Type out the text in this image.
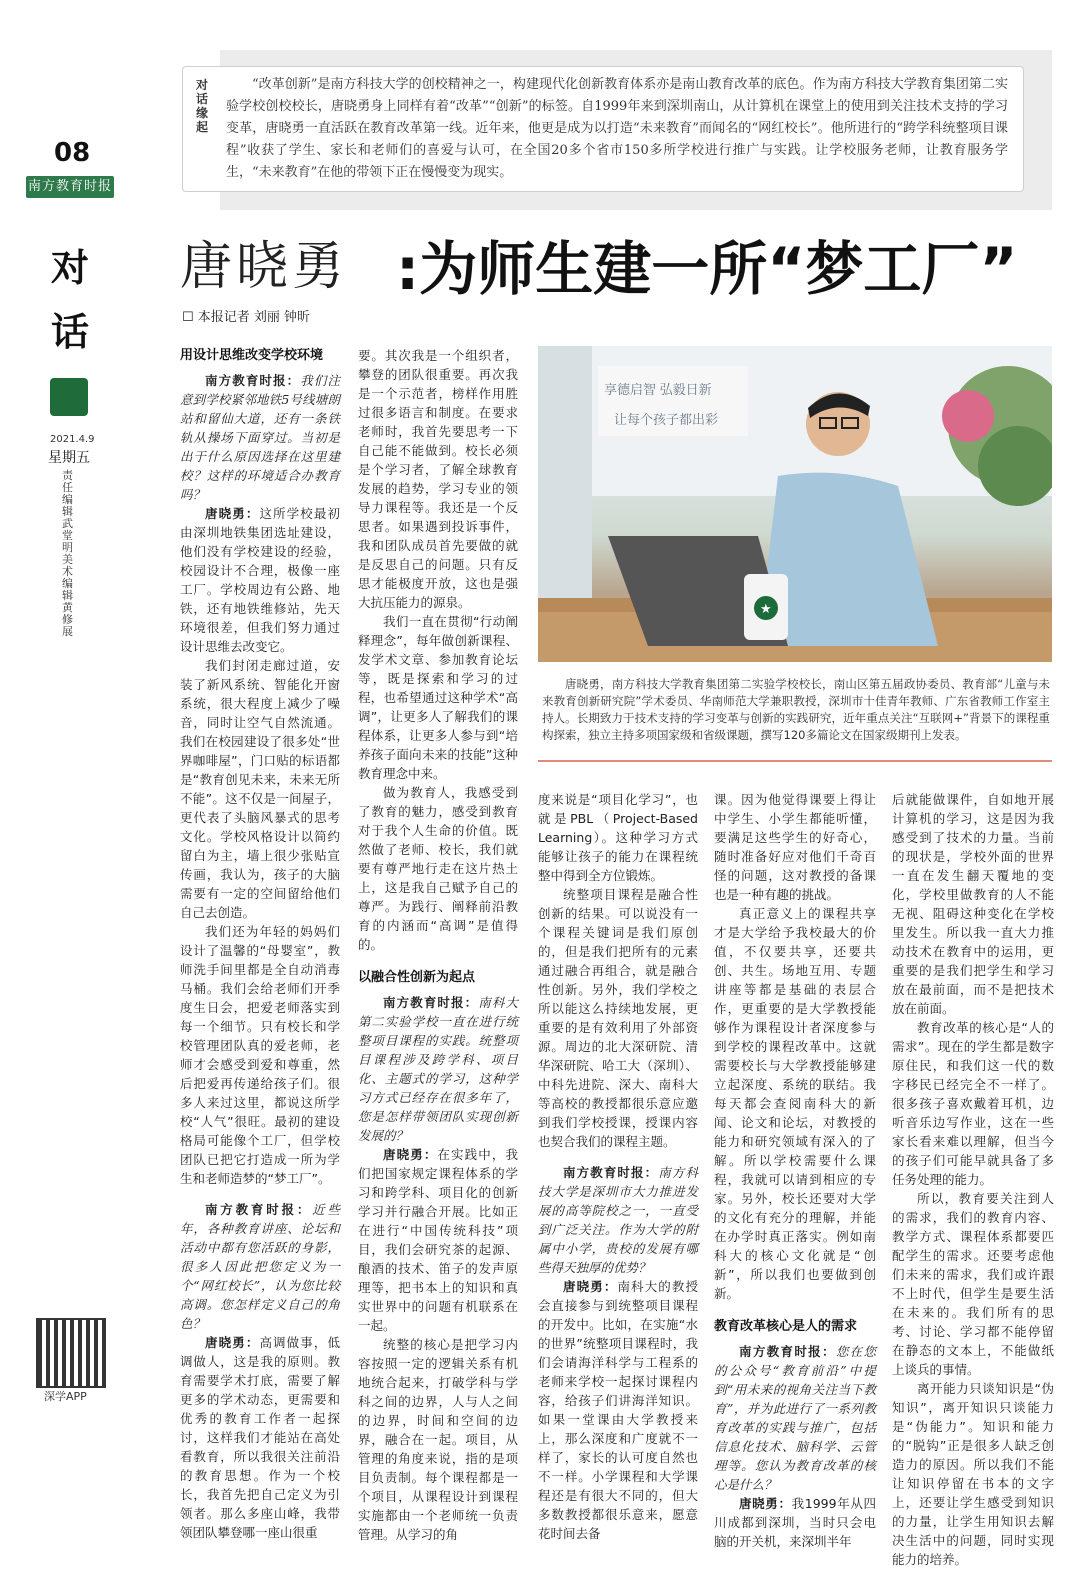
08
南方教育时报
对话
2021.4.9
星期五
责任编辑 武堂明 美术编辑 黄修展
深学APP
对话缘起
“改革创新”是南方科技大学的创校精神之一，构建现代化创新教育体系亦是南山教育改革的底色。作为南方科技大学教育集团第二实验学校创校校长，唐晓勇身上同样有着“改革”“创新”的标签。自1999年来到深圳南山，从计算机在课堂上的使用到关注技术支持的学习变革，唐晓勇一直活跃在教育改革第一线。近年来，他更是成为以打造“未来教育”而闻名的“网红校长”。他所进行的“跨学科统整项目课程”收获了学生、家长和老师们的喜爱与认可，在全国20多个省市150多所学校进行推广与实践。让学校服务老师，让教育服务学生，“未来教育”在他的带领下正在慢慢变为现实。
唐晓勇 :为师生建一所“梦工厂”
☐ 本报记者 刘丽 钟昕
用设计思维改变学校环境

南方教育时报：我们注意到学校紧邻地铁5号线塘朗站和留仙大道，还有一条铁轨从操场下面穿过。当初是出于什么原因选择在这里建校？这样的环境适合办教育吗？

唐晓勇：这所学校最初由深圳地铁集团选址建设，他们没有学校建设的经验，校园设计不合理，极像一座工厂。学校周边有公路、地铁，还有地铁维修站，先天环境很差，但我们努力通过设计思维去改变它。

我们封闭走廊过道，安装了新风系统、智能化开窗系统，很大程度上减少了噪音，同时让空气自然流通。我们在校园建设了很多处“世界咖啡屋”，门口贴的标语都是“教育创见未来，未来无所不能”。这不仅是一间屋子，更代表了头脑风暴式的思考文化。学校风格设计以简约留白为主，墙上很少张贴宣传画，我认为，孩子的大脑需要有一定的空间留给他们自己去创造。

我们还为年轻的妈妈们设计了温馨的“母婴室”，教师洗手间里都是全自动消毒马桶。我们会给老师们开季度生日会，把爱老师落实到每一个细节。只有校长和学校管理团队真的爱老师，老师才会感受到爱和尊重，然后把爱再传递给孩子们。很多人来过这里，都说这所学校“人气”很旺。最初的建设格局可能像个工厂，但学校团队已把它打造成一所为学生和老师造梦的“梦工厂”。

南方教育时报：近些年，各种教育讲座、论坛和活动中都有您活跃的身影，很多人因此把您定义为一个“网红校长”，认为您比较高调。您怎样定义自己的角色？

唐晓勇：高调做事，低调做人，这是我的原则。教育需要学术打底，需要了解更多的学术动态，更需要和优秀的教育工作者一起探讨，这样我们才能站在高处看教育，所以我很关注前沿的教育思想。作为一个校长，我首先把自己定义为引领者。那么多座山峰，我带领团队攀登哪一座山很重

要。其次我是一个组织者，攀登的团队很重要。再次我是一个示范者，榜样作用胜过很多语言和制度。在要求老师时，我首先要思考一下自己能不能做到。校长必须是个学习者，了解全球教育发展的趋势，学习专业的领导力课程等。我还是一个反思者。如果遇到投诉事件，我和团队成员首先要做的就是反思自己的问题。只有反思才能极度开放，这也是强大抗压能力的源泉。

我们一直在贯彻“行动阐释理念”，每年做创新课程、发学术文章、参加教育论坛等，既是探索和学习的过程，也希望通过这种学术“高调”，让更多人了解我们的课程体系，让更多人参与到“培养孩子面向未来的技能”这种教育理念中来。

做为教育人，我感受到了教育的魅力，感受到教育对于我个人生命的价值。既然做了老师、校长，我们就要有尊严地行走在这片热土上，这是我自己赋予自己的尊严。为践行、阐释前沿教育的内涵而“高调”是值得的。

以融合性创新为起点

南方教育时报：南科大第二实验学校一直在进行统整项目课程的实践。统整项目课程涉及跨学科、项目化、主题式的学习，这种学习方式已经存在很多年了，您是怎样带领团队实现创新发展的？

唐晓勇：在实践中，我们把国家规定课程体系的学习和跨学科、项目化的创新学习并行融合开展。比如正在进行“中国传统科技”项目，我们会研究茶的起源、酿酒的技术、笛子的发声原理等，把书本上的知识和真实世界中的问题有机联系在一起。

统整的核心是把学习内容按照一定的逻辑关系有机地统合起来，打破学科与学科之间的边界，人与人之间的边界，时间和空间的边界，融合在一起。项目，从管理的角度来说，指的是项目负责制。每个课程都是一个项目，从课程设计到课程实施都由一个老师统一负责管理。从学习的角

享德启智 弘毅日新
让每个孩子都出彩
★
唐晓勇，南方科技大学教育集团第二实验学校校长，南山区第五届政协委员、教育部“儿童与未来教育创新研究院”学术委员、华南师范大学兼职教授，深圳市十佳青年教师、广东省教师工作室主持人。长期致力于技术支持的学习变革与创新的实践研究，近年重点关注“互联网+”背景下的课程重构探索，独立主持多项国家级和省级课题，撰写120多篇论文在国家级期刊上发表。

度来说是“项目化学习”，也就是PBL（Project-Based Learning）。这种学习方式能够让孩子的能力在课程统整中得到全方位锻炼。

统整项目课程是融合性创新的结果。可以说没有一个课程关键词是我们原创的，但是我们把所有的元素通过融合再组合，就是融合性创新。另外，我们学校之所以能这么持续地发展，更重要的是有效利用了外部资源。周边的北大深研院、清华深研院、哈工大（深圳）、中科先进院、深大、南科大等高校的教授都很乐意应邀到我们学校授课，授课内容也契合我们的课程主题。

南方教育时报：南方科技大学是深圳市大力推进发展的高等院校之一，一直受到广泛关注。作为大学的附属中小学，贵校的发展有哪些得天独厚的优势？

唐晓勇：南科大的教授会直接参与到统整项目课程的开发中。比如，在实施“水的世界”统整项目课程时，我们会请海洋科学与工程系的老师来学校一起探讨课程内容，给孩子们讲海洋知识。如果一堂课由大学教授来上，那么深度和广度就不一样了，家长的认可度自然也不一样。小学课程和大学课程还是有很大不同的，但大多数教授都很乐意来，愿意花时间去备

课。因为他觉得课要上得让中学生、小学生都能听懂，要满足这些学生的好奇心，随时准备好应对他们千奇百怪的问题，这对教授的备课也是一种有趣的挑战。

真正意义上的课程共享才是大学给予我校最大的价值，不仅要共享，还要共创、共生。场地互用、专题讲座等都是基础的表层合作，更重要的是大学教授能够作为课程设计者深度参与到学校的课程改革中。这就需要校长与大学教授能够建立起深度、系统的联结。我每天都会查阅南科大的新闻、论文和论坛，对教授的能力和研究领域有深入的了解。所以学校需要什么课程，我就可以请到相应的专家。另外，校长还要对大学的文化有充分的理解，并能在办学时真正落实。例如南科大的核心文化就是“创新”，所以我们也要做到创新。

教育改革核心是人的需求

南方教育时报：您在您的公众号“教育前沿”中提到“用未来的视角关注当下教育”，并为此进行了一系列教育改革的实践与推广，包括信息化技术、脑科学、云管理等。您认为教育改革的核心是什么？

唐晓勇：我1999年从四川成都到深圳，当时只会电脑的开关机，来深圳半年

后就能做课件，自如地开展计算机的学习，这是因为我感受到了技术的力量。当前的现状是，学校外面的世界一直在发生翻天覆地的变化，学校里做教育的人不能无视、阻碍这种变化在学校里发生。所以我一直大力推动技术在教育中的运用，更重要的是我们把学生和学习放在最前面，而不是把技术放在前面。

教育改革的核心是“人的需求”。现在的学生都是数字原住民，和我们这一代的数字移民已经完全不一样了。很多孩子喜欢戴着耳机，边听音乐边写作业，这在一些家长看来难以理解，但当今的孩子们可能早就具备了多任务处理的能力。

所以，教育要关注到人的需求，我们的教育内容、教学方式、课程体系都要匹配学生的需求。还要考虑他们未来的需求，我们或许跟不上时代，但学生是要生活在未来的。我们所有的思考、讨论、学习都不能停留在静态的文本上，不能做纸上谈兵的事情。

离开能力只谈知识是“伪知识”，离开知识只谈能力是“伪能力”。知识和能力的“脱钩”正是很多人缺乏创造力的原因。所以我们不能让知识停留在书本的文字上，还要让学生感受到知识的力量，让学生用知识去解决生活中的问题，同时实现能力的培养。
